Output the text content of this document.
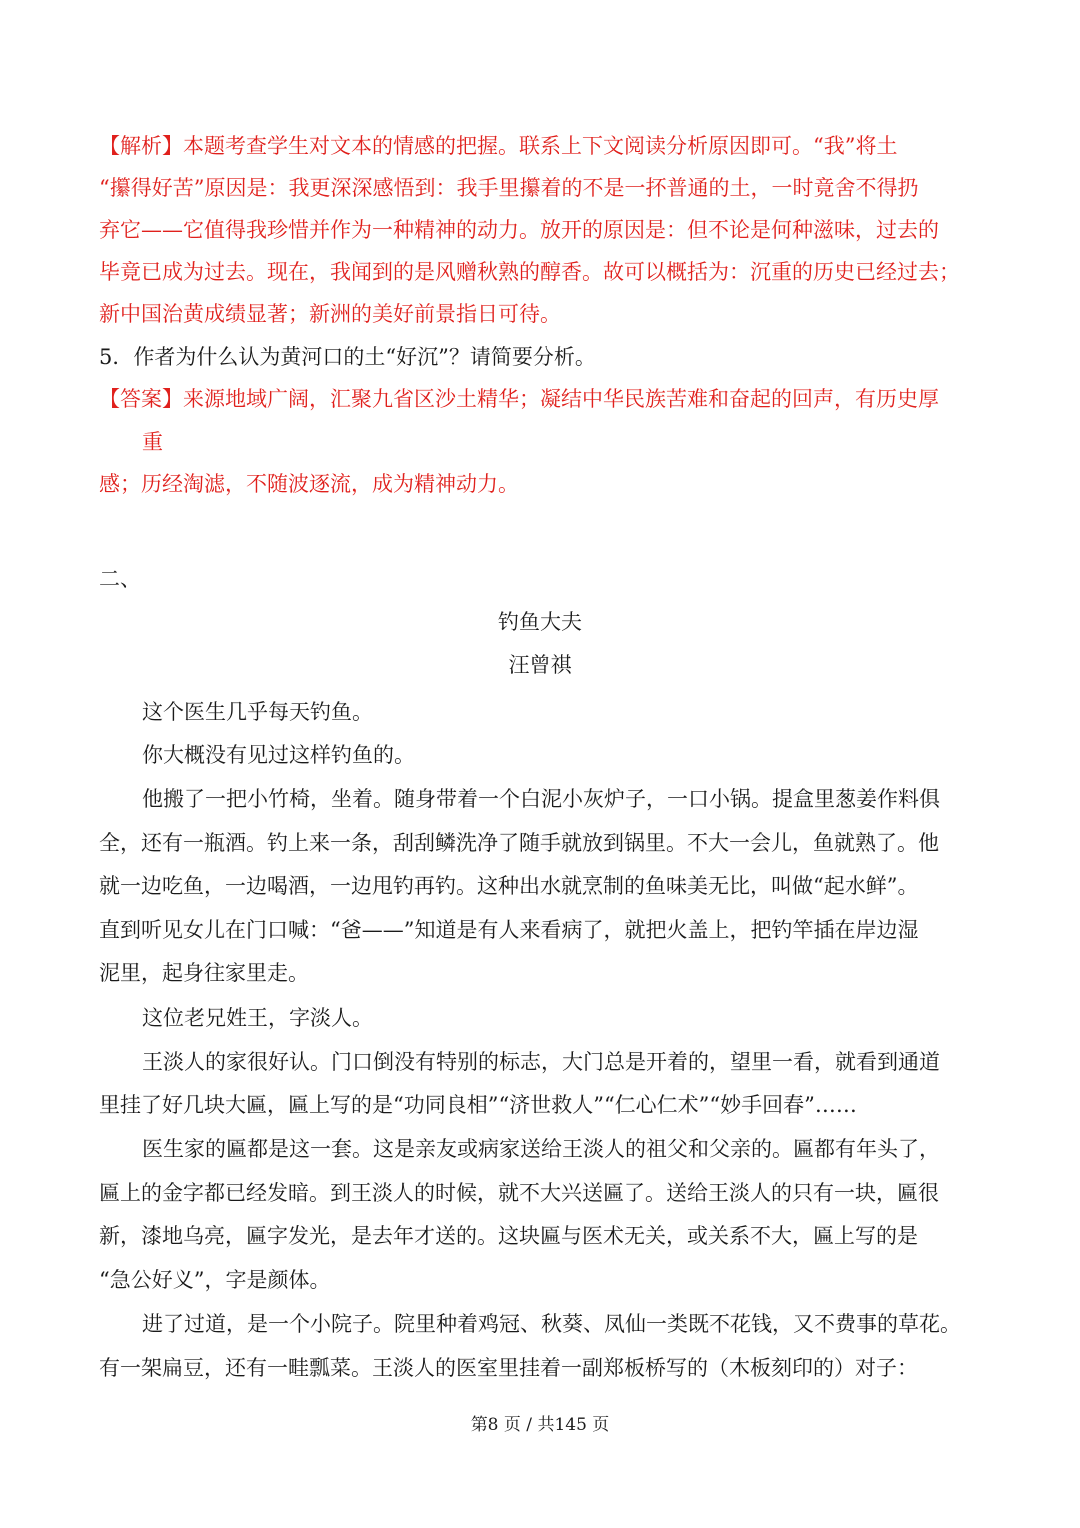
【解析】本题考查学生对文本的情感的把握。联系上下文阅读分析原因即可。“我”将土
“攥得好苦”原因是：我更深深感悟到：我手里攥着的不是一抔普通的土，一时竟舍不得扔
弃它——它值得我珍惜并作为一种精神的动力。放开的原因是：但不论是何种滋味，过去的
毕竟已成为过去。现在，我闻到的是风赠秋熟的醇香。故可以概括为：沉重的历史已经过去；
新中国治黄成绩显著；新洲的美好前景指日可待。
5．作者为什么认为黄河口的土“好沉”？请简要分析。
【答案】来源地域广阔，汇聚九省区沙土精华；凝结中华民族苦难和奋起的回声，有历史厚
重
感；历经淘滤，不随波逐流，成为精神动力。
二、
钓鱼大夫
汪曾祺
这个医生几乎每天钓鱼。
你大概没有见过这样钓鱼的。
他搬了一把小竹椅，坐着。随身带着一个白泥小灰炉子，一口小锅。提盒里葱姜作料俱
全，还有一瓶酒。钓上来一条，刮刮鳞洗净了随手就放到锅里。不大一会儿，鱼就熟了。他
就一边吃鱼，一边喝酒，一边甩钓再钓。这种出水就烹制的鱼味美无比，叫做“起水鲜”。
直到听见女儿在门口喊：“爸——”知道是有人来看病了，就把火盖上，把钓竿插在岸边湿
泥里，起身往家里走。
这位老兄姓王，字淡人。
王淡人的家很好认。门口倒没有特别的标志，大门总是开着的，望里一看，就看到通道
里挂了好几块大匾，匾上写的是“功同良相”“济世救人”“仁心仁术”“妙手回春”……
医生家的匾都是这一套。这是亲友或病家送给王淡人的祖父和父亲的。匾都有年头了，
匾上的金字都已经发暗。到王淡人的时候，就不大兴送匾了。送给王淡人的只有一块，匾很
新，漆地乌亮，匾字发光，是去年才送的。这块匾与医术无关，或关系不大，匾上写的是
“急公好义”，字是颜体。
进了过道，是一个小院子。院里种着鸡冠、秋葵、凤仙一类既不花钱，又不费事的草花。
有一架扁豆，还有一畦瓢菜。王淡人的医室里挂着一副郑板桥写的（木板刻印的）对子：
第8 页 / 共145 页
